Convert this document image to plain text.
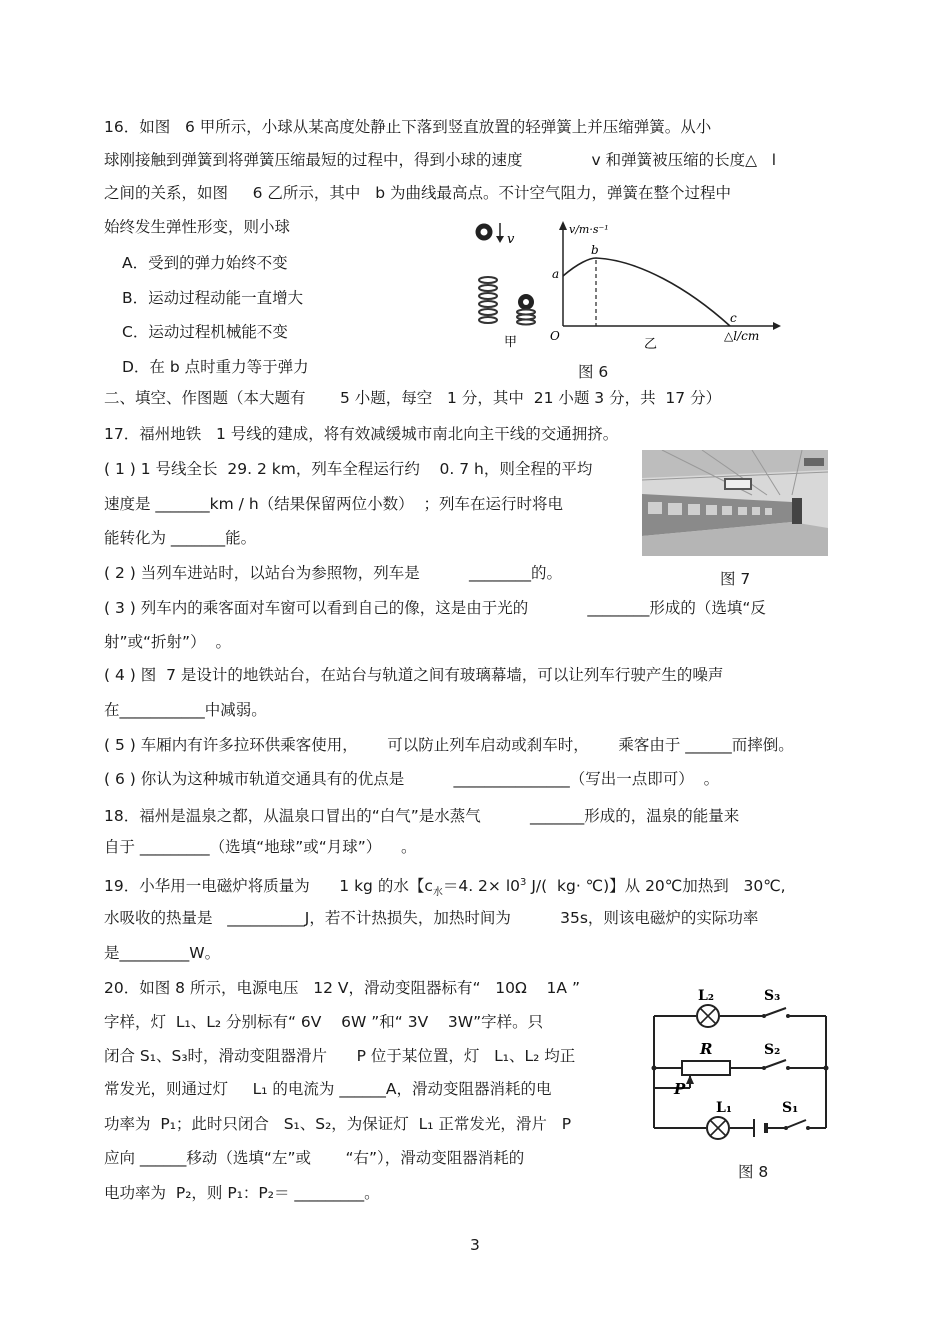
16．如图   6 甲所示，小球从某高度处静止下落到竖直放置的轻弹簧上并压缩弹簧。从小
球刚接触到弹簧到将弹簧压缩最短的过程中，得到小球的速度              v 和弹簧被压缩的长度△   l
之间的关系，如图     6 乙所示，其中   b 为曲线最高点。不计空气阻力，弹簧在整个过程中
始终发生弹性形变，则小球
A．受到的弹力始终不变
B．运动过程动能一直增大
C．运动过程机械能不变
D．在 b 点时重力等于弹力
v
甲
v/m·s⁻¹
a
b
c
O	△l/cm
乙
图 6
二、填空、作图题（本大题有       5 小题，每空   1 分，其中  21 小题 3 分，共  17 分）
17．福州地铁   1 号线的建成，将有效减缓城市南北向主干线的交通拥挤。
( 1 ) 1 号线全长  29. 2 km，列车全程运行约    0. 7 h，则全程的平均
速度是 _______km / h（结果保留两位小数）  ；列车在运行时将电
能转化为 _______能。
( 2 ) 当列车进站时，以站台为参照物，列车是          ________的。
( 3 ) 列车内的乘客面对车窗可以看到自己的像，这是由于光的            ________形成的（选填“反
射”或“折射”）  。
( 4 ) 图  7 是设计的地铁站台，在站台与轨道之间有玻璃幕墙，可以让列车行驶产生的噪声
在___________中减弱。
( 5 ) 车厢内有许多拉环供乘客使用，      可以防止列车启动或刹车时，      乘客由于 ______而摔倒。
( 6 ) 你认为这种城市轨道交通具有的优点是          _______________（写出一点即可）  。
图 7
18．福州是温泉之都，从温泉口冒出的“白气”是水蒸气          _______形成的，温泉的能量来
自于 _________（选填“地球”或“月球”）    。
19．小华用一电磁炉将质量为      1 kg 的水【$c_水=4$. $2\times l0^3$ J/(  kg· ℃)】从 20℃加热到   30℃,
水吸收的热量是   __________J，若不计热损失，加热时间为          35s，则该电磁炉的实际功率
是_________W。
20．如图 8 所示，电源电压   12 V，滑动变阻器标有“   10Ω    1A ”
字样，灯  L₁、L₂ 分别标有“ 6V    6W ”和“ 3V    3W”字样。只
闭合 S₁、S₃时，滑动变阻器滑片      P 位于某位置，灯   L₁、L₂ 均正
常发光，则通过灯     L₁ 的电流为 ______A，滑动变阻器消耗的电
功率为  P₁；此时只闭合   S₁、S₂，为保证灯  L₁ 正常发光，滑片   P
应向 ______移动（选填“左”或       “右”），滑动变阻器消耗的
电功率为  P₂，则 P₁：P₂＝ _________。
L₂	S₃
R	S₂
P
L₁	S₁
图 8
3
